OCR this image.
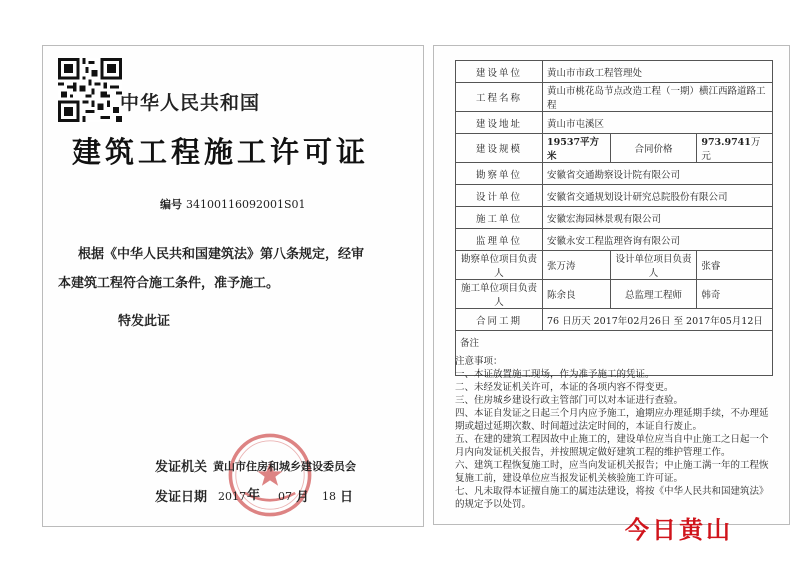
中华人民共和国
建筑工程施工许可证
编号 34100116092001S01
根据《中华人民共和国建筑法》第八条规定，经审
本建筑工程符合施工条件，准予施工。
特发此证
发证机关 黄山市住房和城乡建设委员会
发证日期 2017 年 07 月 18 日
建设单位	黄山市市政工程管理处		
工程名称	黄山市桃花岛节点改造工程（一期）横江西路道路工程		
建设地址	黄山市屯溪区		
建设规模	19537平方米	合同价格	973.9741万元
勘察单位	安徽省交通勘察设计院有限公司		
设计单位	安徽省交通规划设计研究总院股份有限公司		
施工单位	安徽宏海园林景观有限公司		
监理单位	安徽永安工程监理咨询有限公司		
勘察单位项目负责人	张万涛	设计单位项目负责人	张睿
施工单位项目负责人	陈余良	总监理工程师	韩奇
合同工期	76 日历天 2017年02月26日 至 2017年05月12日		
备注			
注意事项：
一、本证放置施工现场，作为准予施工的凭证。
二、未经发证机关许可，本证的各项内容不得变更。
三、住房城乡建设行政主管部门可以对本证进行查验。
四、本证自发证之日起三个月内应予施工，逾期应办理延期手续，不办理延
期或超过延期次数、时间超过法定时间的，本证自行废止。
五、在建的建筑工程因故中止施工的，建设单位应当自中止施工之日起一个
月内向发证机关报告，并按照规定做好建筑工程的维护管理工作。
六、建筑工程恢复施工时，应当向发证机关报告；中止施工满一年的工程恢
复施工前，建设单位应当报发证机关核验施工许可证。
七、凡未取得本证擅自施工的属违法建设，将按《中华人民共和国建筑法》
的规定予以处罚。
今日黄山
